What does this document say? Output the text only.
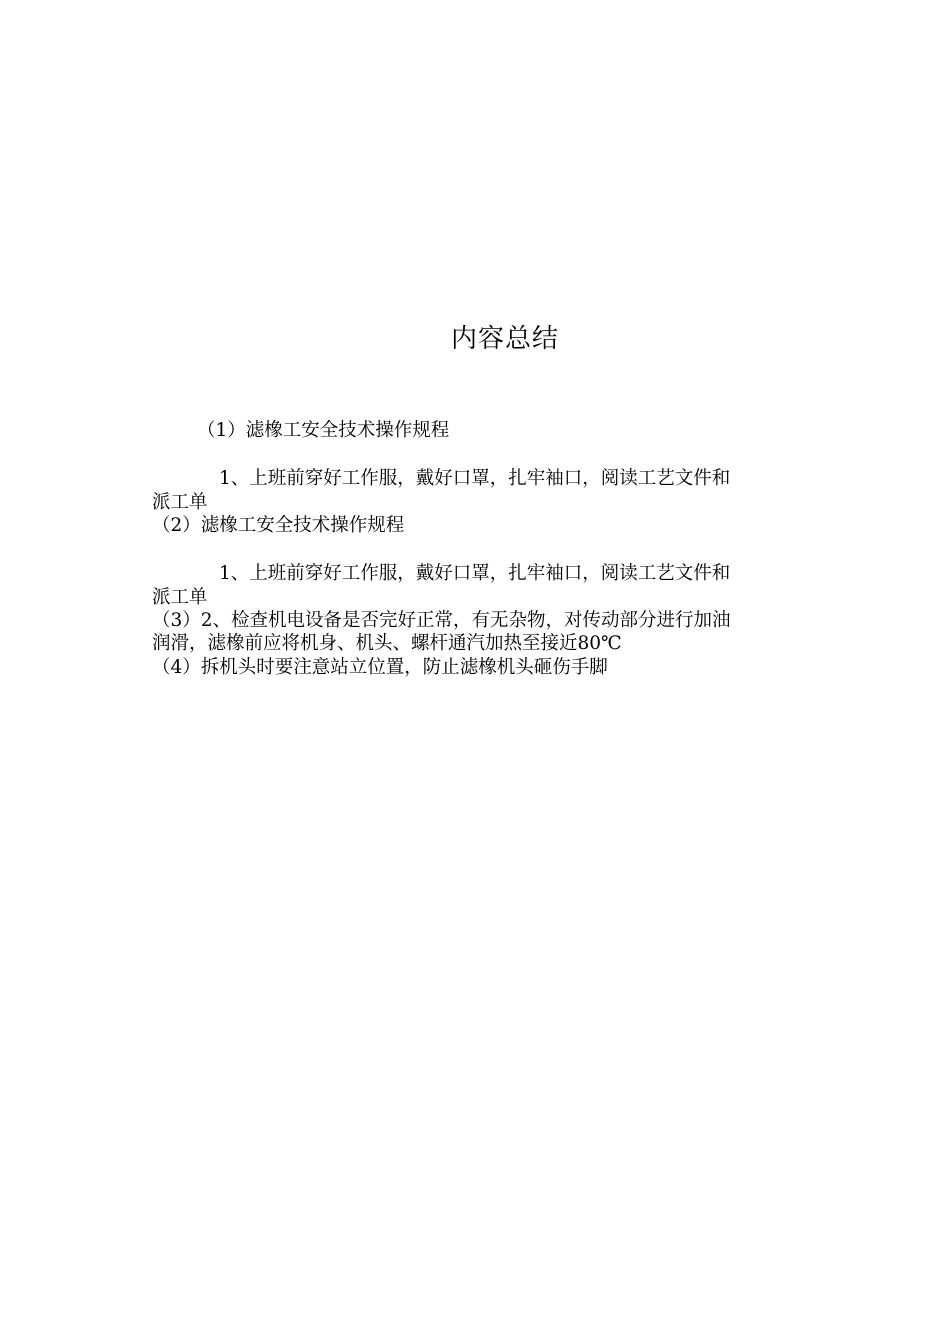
内容总结
（1）滤橡工安全技术操作规程
1、上班前穿好工作服，戴好口罩，扎牢袖口，阅读工艺文件和
派工单
（2）滤橡工安全技术操作规程
1、上班前穿好工作服，戴好口罩，扎牢袖口，阅读工艺文件和
派工单
（3）2、检查机电设备是否完好正常，有无杂物，对传动部分进行加油
润滑，滤橡前应将机身、机头、螺杆通汽加热至接近80℃
（4）拆机头时要注意站立位置，防止滤橡机头砸伤手脚
